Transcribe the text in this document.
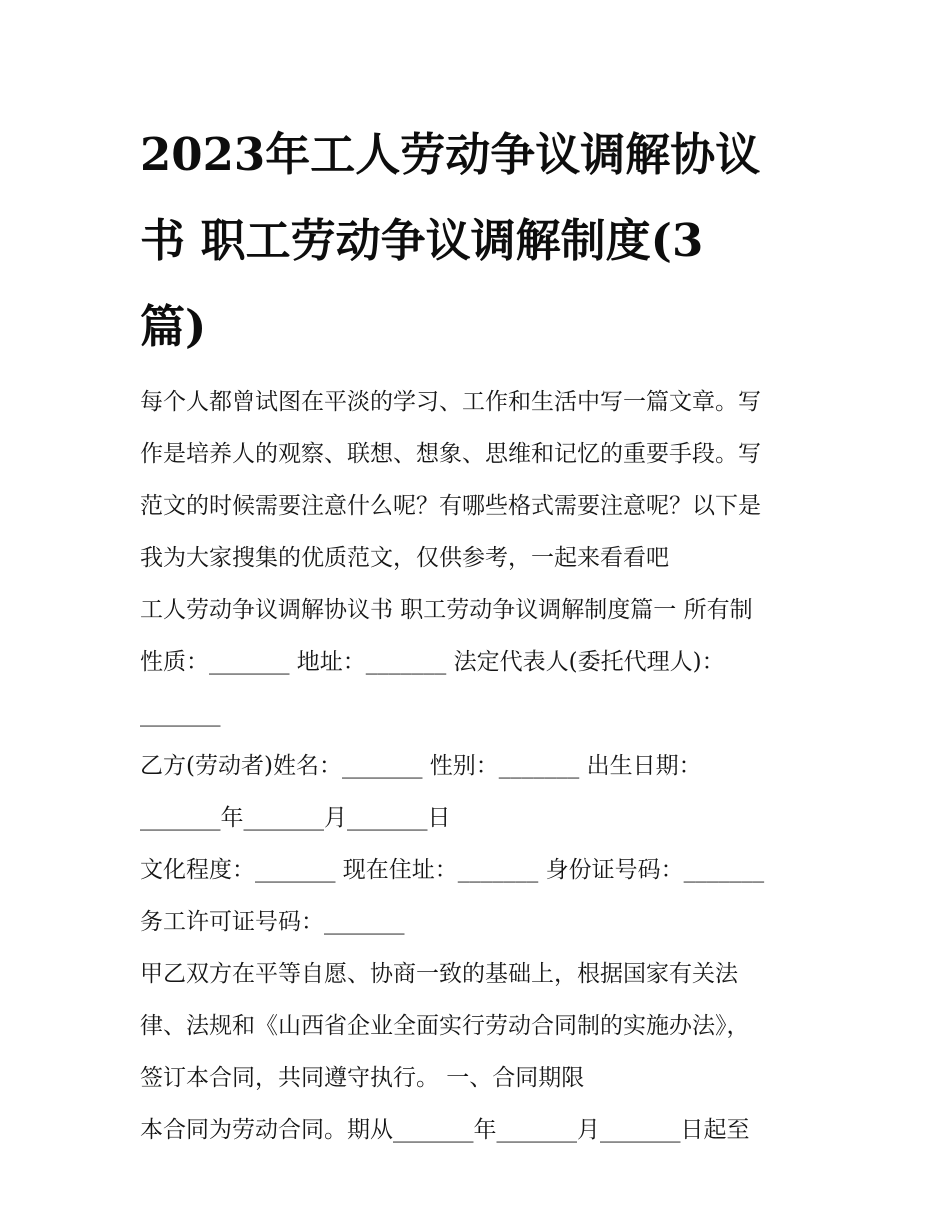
2023年工人劳动争议调解协议
书 职工劳动争议调解制度(3
篇)
每个人都曾试图在平淡的学习、工作和生活中写一篇文章。写
作是培养人的观察、联想、想象、思维和记忆的重要手段。写
范文的时候需要注意什么呢？有哪些格式需要注意呢？以下是
我为大家搜集的优质范文，仅供参考，一起来看看吧
工人劳动争议调解协议书 职工劳动争议调解制度篇一 所有制
性质：_______ 地址：_______ 法定代表人(委托代理人)：
_______
乙方(劳动者)姓名：_______ 性别：_______ 出生日期：
_______年_______月_______日
文化程度：_______ 现在住址：_______ 身份证号码：_______
务工许可证号码：_______
甲乙双方在平等自愿、协商一致的基础上，根据国家有关法
律、法规和《山西省企业全面实行劳动合同制的实施办法》，
签订本合同，共同遵守执行。 一、合同期限
本合同为劳动合同。期从_______年_______月_______日起至
